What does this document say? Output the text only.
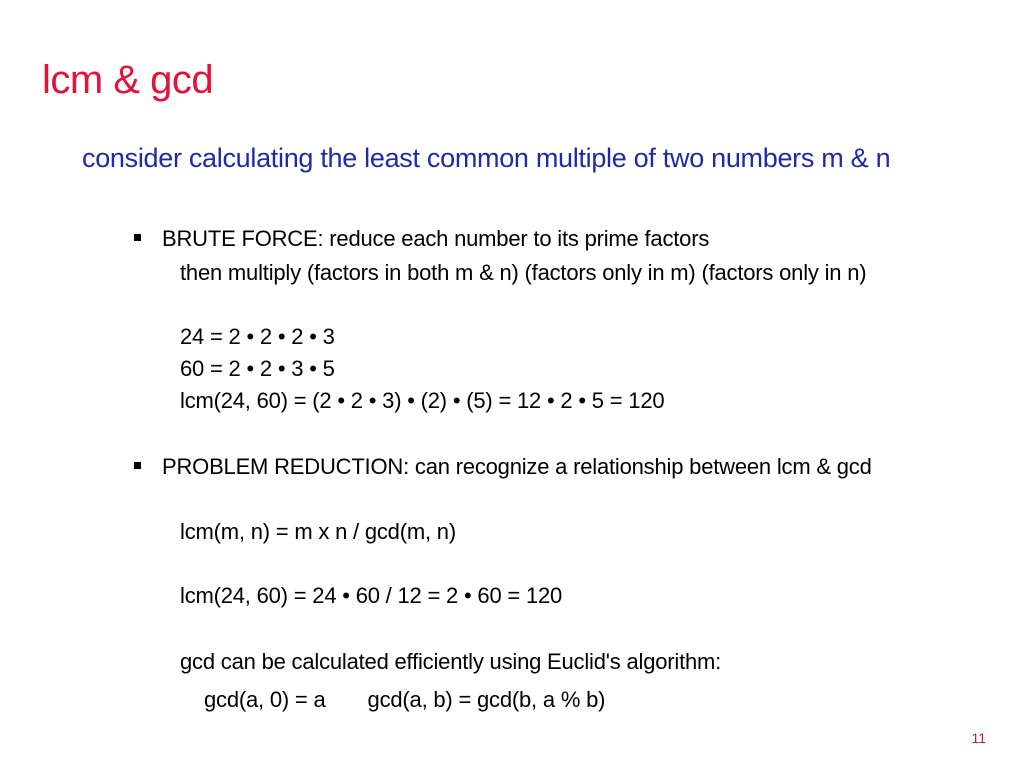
lcm & gcd
consider calculating the least common multiple of two numbers m & n
BRUTE FORCE: reduce each number to its prime factors
then multiply (factors in both m & n) (factors only in m) (factors only in n)
24 = 2 • 2 • 2 • 3
60 = 2 • 2 • 3 • 5
lcm(24, 60) = (2 • 2 • 3) • (2) • (5) = 12 • 2 • 5 = 120
PROBLEM REDUCTION: can recognize a relationship between lcm & gcd
lcm(m, n) = m x n / gcd(m, n)
lcm(24, 60) = 24 • 60 / 12 = 2 • 60 = 120
gcd can be calculated efficiently using Euclid's algorithm:
gcd(a, 0) = a gcd(a, b) = gcd(b, a % b)
11
